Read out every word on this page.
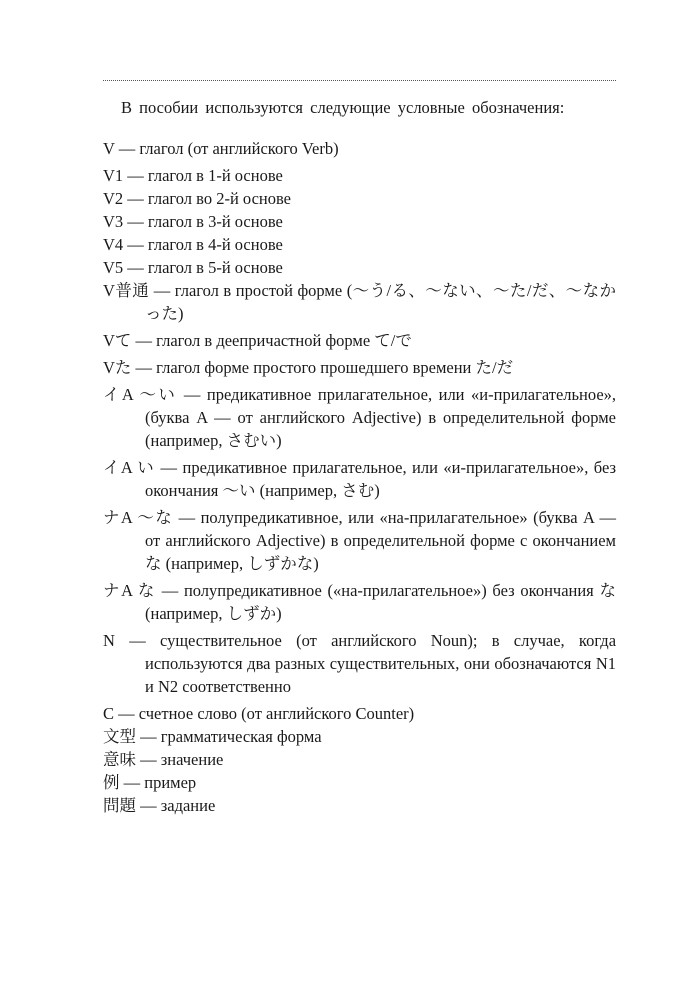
В пособии используются следующие условные обозначения:

V — глагол (от английского Verb)

V1 — глагол в 1-й основе

V2 — глагол во 2-й основе

V3 — глагол в 3-й основе

V4 — глагол в 4-й основе

V5 — глагол в 5-й основе

V普通 — глагол в простой форме (〜う/る、〜ない、〜た/だ、〜なかった)

Vて — глагол в деепричастной форме て/で

Vた — глагол форме простого прошедшего времени た/だ

イA 〜い — предикативное прилагательное, или «и-прилагательное», (буква A — от английского Adjective) в определительной форме (например, さむい)

イA い — предикативное прилагательное, или «и-прилагательное», без окончания 〜い (например, さむ)

ナA 〜な — полупредикативное, или «на-прилагательное» (буква A — от английского Adjective) в определительной форме с окончанием な (например, しずかな)

ナA な — полупредикативное («на-прилагательное») без окончания な (например, しずか)

N — существительное (от английского Noun); в случае, когда используются два разных существительных, они обозначаются N1 и N2 соответственно

C — счетное слово (от английского Counter)

文型 — грамматическая форма

意味 — значение

例 — пример

問題 — задание
